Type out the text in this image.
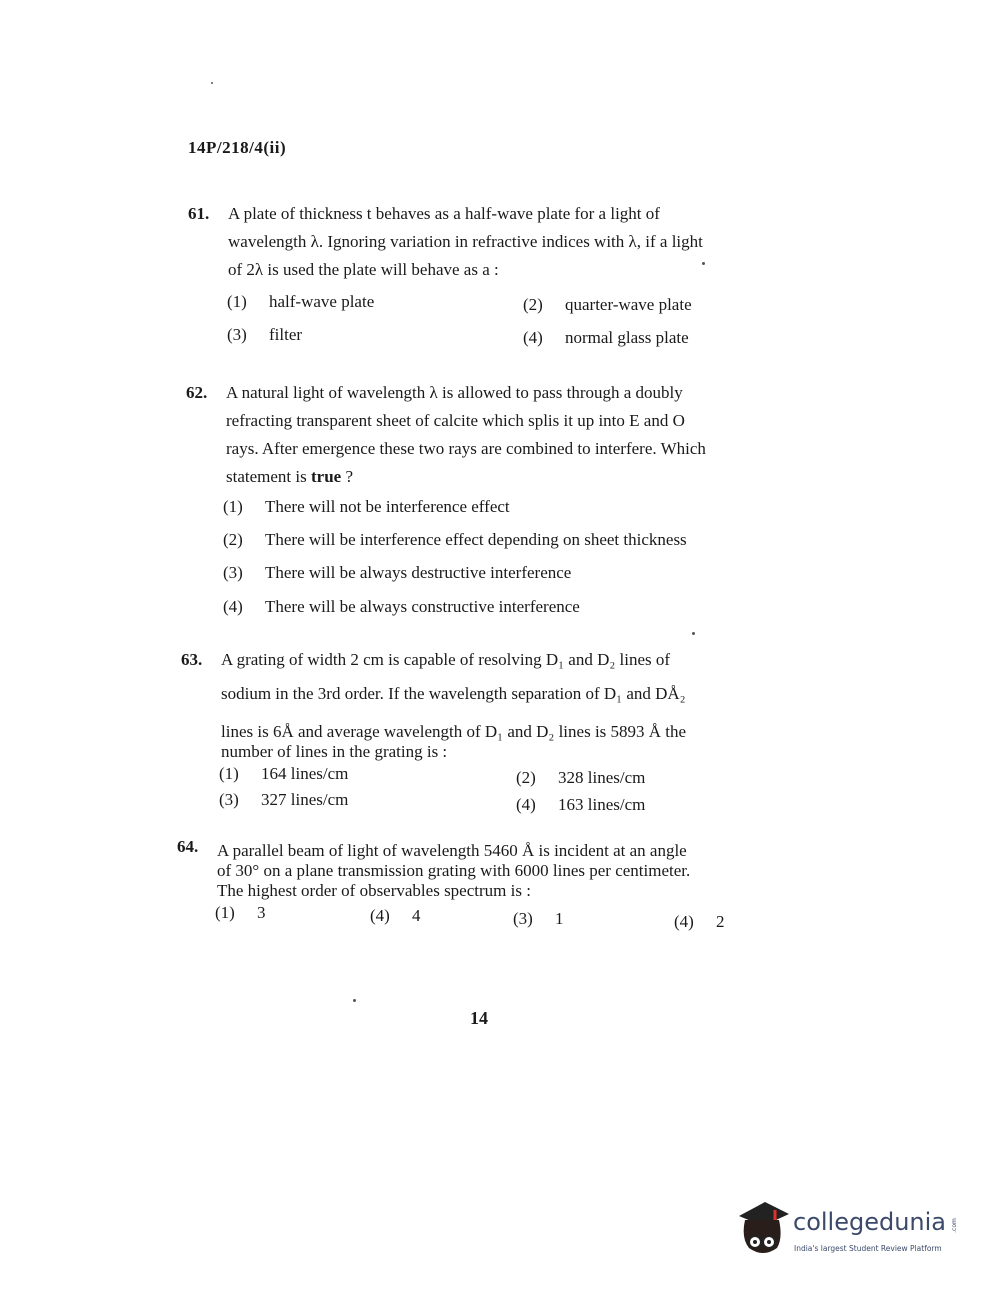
14P/218/4(ii)
61. A plate of thickness t behaves as a half-wave plate for a light of
wavelength λ. Ignoring variation in refractive indices with λ, if a light
of 2λ is used the plate will behave as a :
(1) half-wave plate	(2) quarter-wave plate
(3) filter	(4) normal glass plate
62. A natural light of wavelength λ is allowed to pass through a doubly
refracting transparent sheet of calcite which splis it up into E and O
rays. After emergence these two rays are combined to interfere. Which
statement is true ?
(1) There will not be interference effect
(2) There will be interference effect depending on sheet thickness
(3) There will be always destructive interference
(4) There will be always constructive interference
63. A grating of width 2 cm is capable of resolving D₁ and D₂ lines of
sodium in the 3rd order. If the wavelength separation of D₁ and DÅ₂
lines is 6Å and average wavelength of D₁ and D₂ lines is 5893 Å the
number of lines in the grating is :
(1) 164 lines/cm	(2) 328 lines/cm
(3) 327 lines/cm	(4) 163 lines/cm
64. A parallel beam of light of wavelength 5460 Å is incident at an angle
of 30° on a plane transmission grating with 6000 lines per centimeter.
The highest order of observables spectrum is :
(1) 3	(4) 4	(3) 1	(4) 2
14
collegedunia .com
India's largest Student Review Platform
